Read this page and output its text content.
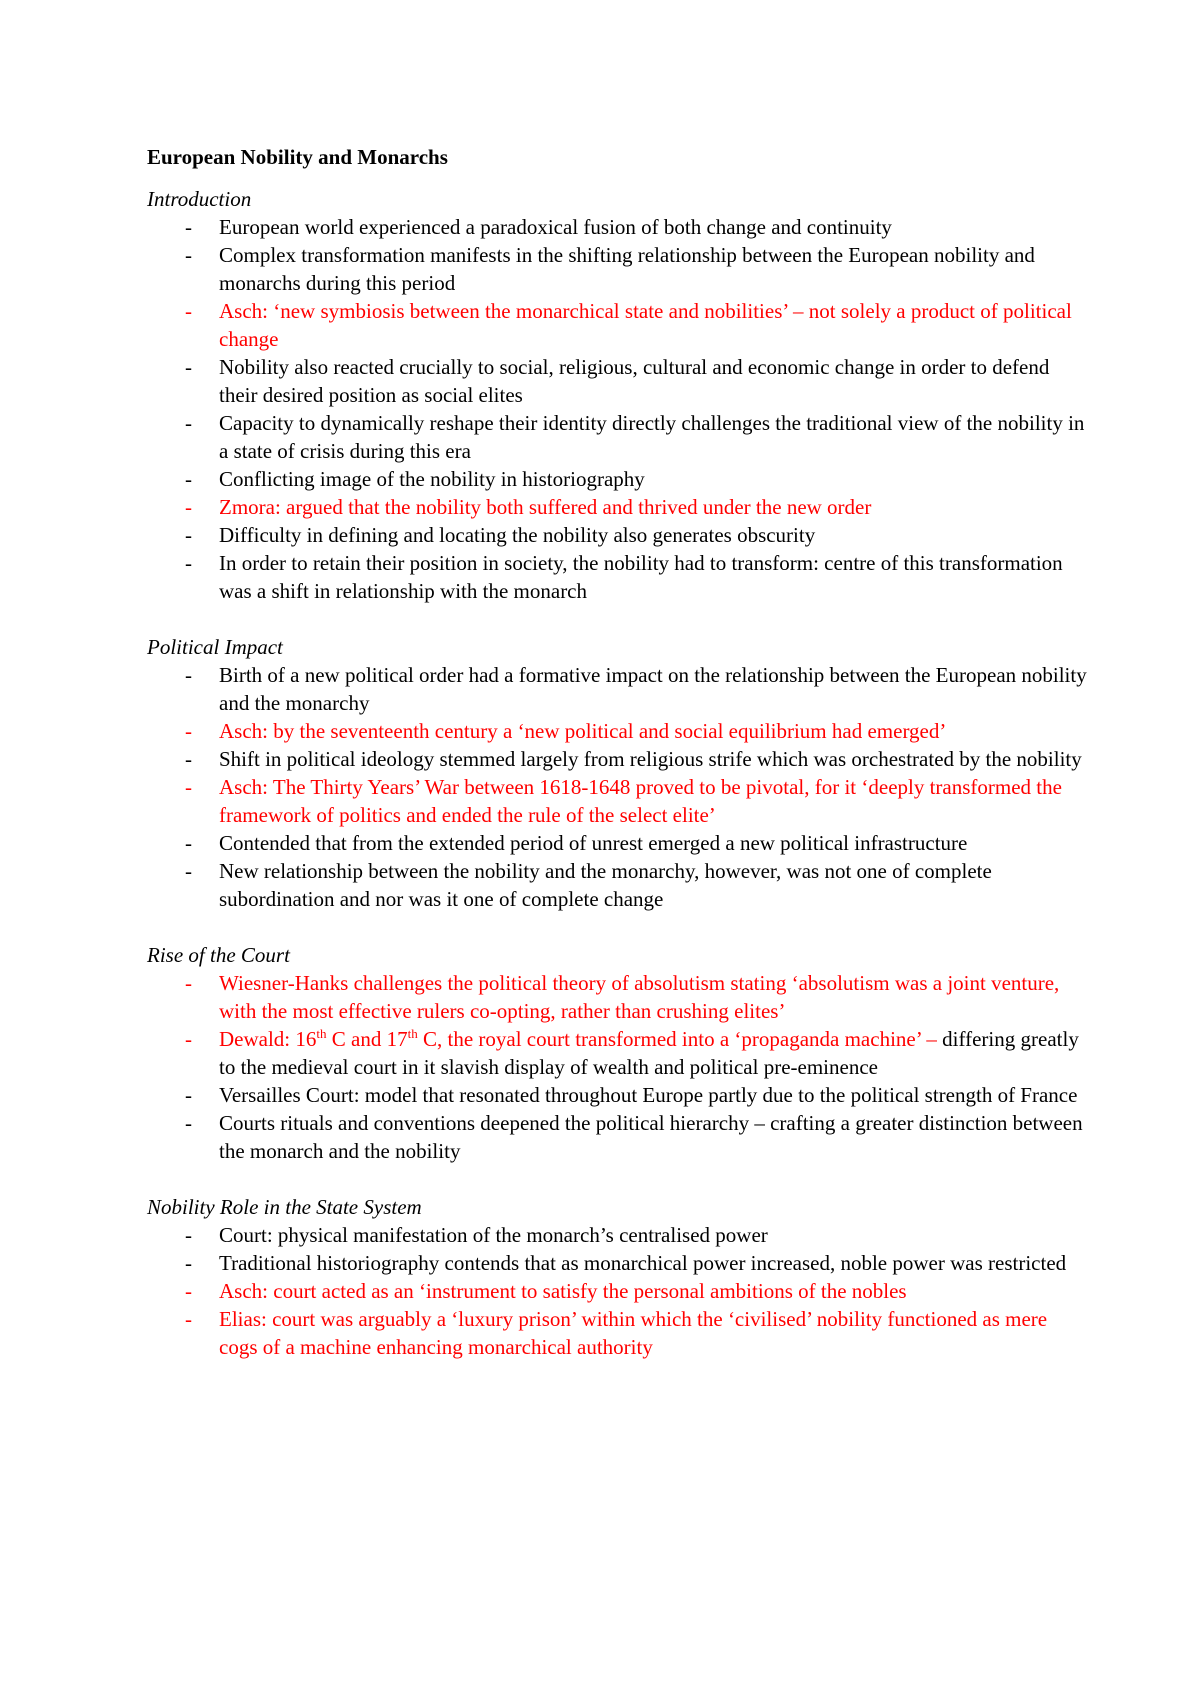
European Nobility and Monarchs
Introduction
- European world experienced a paradoxical fusion of both change and continuity
- Complex transformation manifests in the shifting relationship between the European nobility and monarchs during this period
- Asch: ‘new symbiosis between the monarchical state and nobilities’ – not solely a product of political change
- Nobility also reacted crucially to social, religious, cultural and economic change in order to defend their desired position as social elites
- Capacity to dynamically reshape their identity directly challenges the traditional view of the nobility in a state of crisis during this era
- Conflicting image of the nobility in historiography
- Zmora: argued that the nobility both suffered and thrived under the new order
- Difficulty in defining and locating the nobility also generates obscurity
- In order to retain their position in society, the nobility had to transform: centre of this transformation was a shift in relationship with the monarch
Political Impact
- Birth of a new political order had a formative impact on the relationship between the European nobility and the monarchy
- Asch: by the seventeenth century a ‘new political and social equilibrium had emerged’
- Shift in political ideology stemmed largely from religious strife which was orchestrated by the nobility
- Asch: The Thirty Years’ War between 1618-1648 proved to be pivotal, for it ‘deeply transformed the framework of politics and ended the rule of the select elite’
- Contended that from the extended period of unrest emerged a new political infrastructure
- New relationship between the nobility and the monarchy, however, was not one of complete subordination and nor was it one of complete change
Rise of the Court
- Wiesner-Hanks challenges the political theory of absolutism stating ‘absolutism was a joint venture, with the most effective rulers co-opting, rather than crushing elites’
- Dewald: 16th C and 17th C, the royal court transformed into a ‘propaganda machine’ – differing greatly to the medieval court in it slavish display of wealth and political pre-eminence
- Versailles Court: model that resonated throughout Europe partly due to the political strength of France
- Courts rituals and conventions deepened the political hierarchy – crafting a greater distinction between the monarch and the nobility
Nobility Role in the State System
- Court: physical manifestation of the monarch’s centralised power
- Traditional historiography contends that as monarchical power increased, noble power was restricted
- Asch: court acted as an ‘instrument to satisfy the personal ambitions of the nobles
- Elias: court was arguably a ‘luxury prison’ within which the ‘civilised’ nobility functioned as mere cogs of a machine enhancing monarchical authority
